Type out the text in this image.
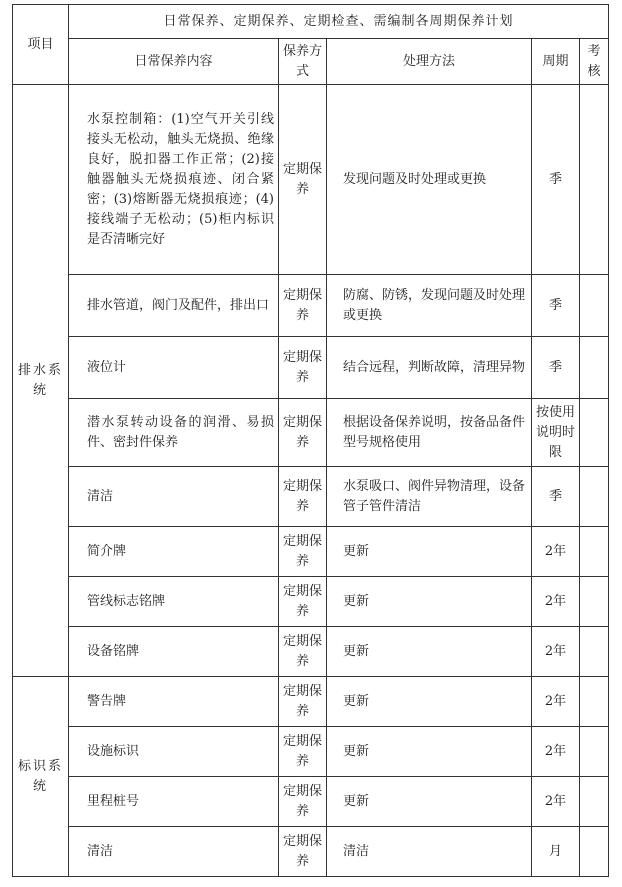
项目	日常保养、定期保养、定期检查、需编制各周期保养计划				
	日常保养内容	保养方式	处理方法	周期	考核
排水系统	水泵控制箱：(1)空气开关引线接头无松动，触头无烧损、绝缘良好，脱扣器工作正常；(2)接触器触头无烧损痕迹、闭合紧密；(3)熔断器无烧损痕迹；(4)接线端子无松动；(5)柜内标识是否清晰完好	定期保养	发现问题及时处理或更换	季	
	排水管道，阀门及配件，排出口	定期保养	防腐、防锈，发现问题及时处理或更换	季	
	液位计	定期保养	结合远程，判断故障，清理异物	季	
	潜水泵转动设备的润滑、易损件、密封件保养	定期保养	根据设备保养说明，按备品备件型号规格使用	按使用说明时限	
	清洁	定期保养	水泵吸口、阀件异物清理，设备管子管件清洁	季	
	简介牌	定期保养	更新	2年	
	管线标志铭牌	定期保养	更新	2年	
	设备铭牌	定期保养	更新	2年	
标识系统	警告牌	定期保养	更新	2年	
	设施标识	定期保养	更新	2年	
	里程桩号	定期保养	更新	2年	
	清洁	定期保养	清洁	月	
